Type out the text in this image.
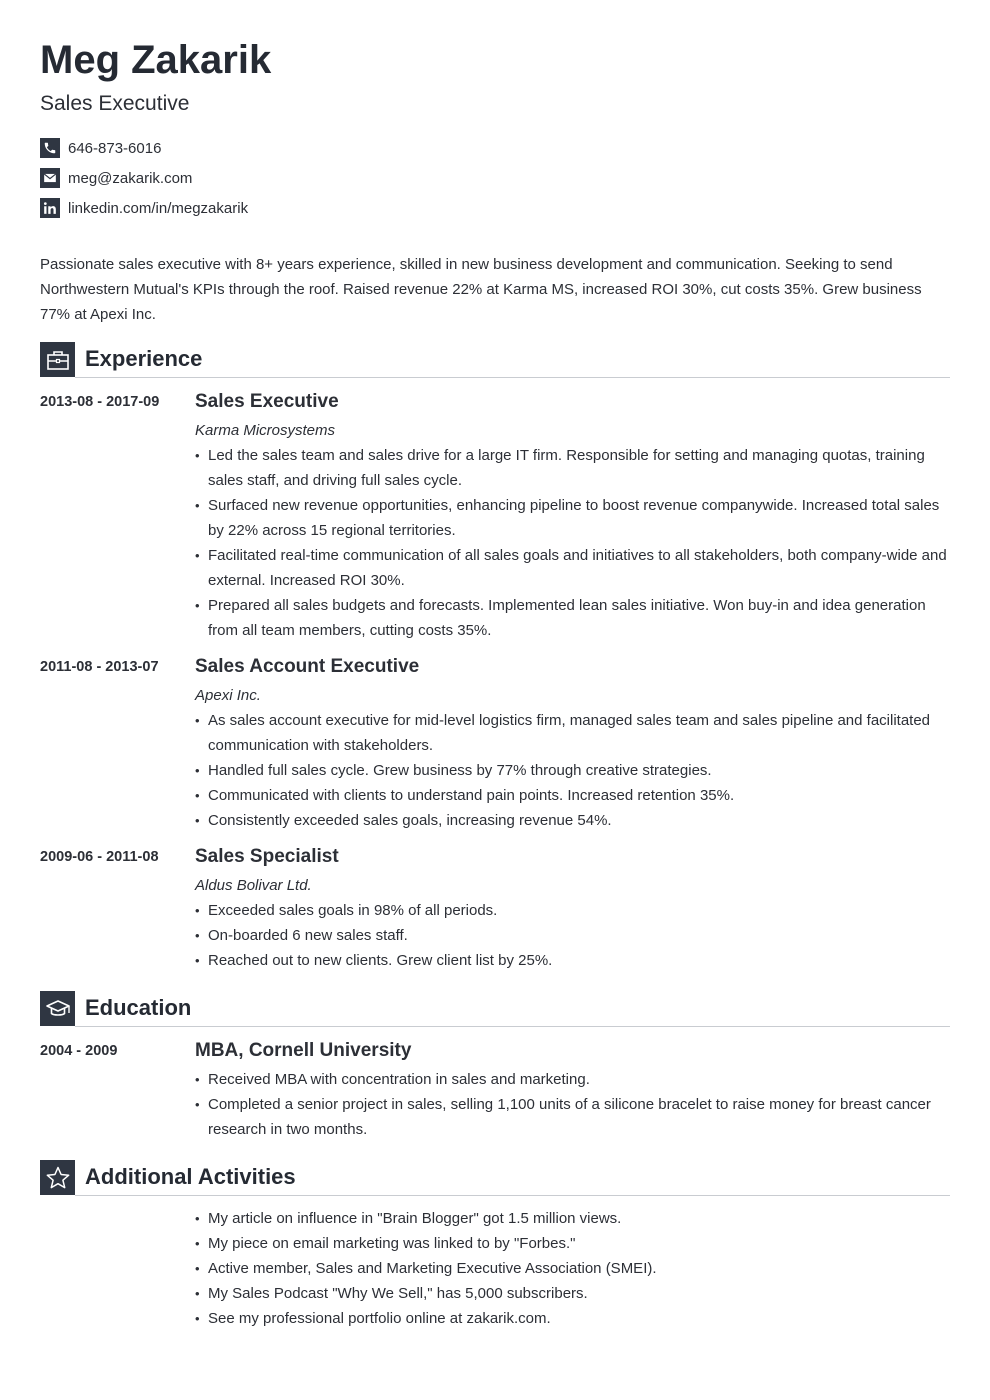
Meg Zakarik
Sales Executive
646-873-6016
meg@zakarik.com
linkedin.com/in/megzakarik

Passionate sales executive with 8+ years experience, skilled in new business development and communication. Seeking to send Northwestern Mutual's KPIs through the roof. Raised revenue 22% at Karma MS, increased ROI 30%, cut costs 35%. Grew business 77% at Apexi Inc.

Experience
2013-08 - 2017-09 Sales Executive

Karma Microsystems

• Led the sales team and sales drive for a large IT firm. Responsible for setting and managing quotas, training sales staff, and driving full sales cycle.
• Surfaced new revenue opportunities, enhancing pipeline to boost revenue companywide. Increased total sales by 22% across 15 regional territories.
• Facilitated real-time communication of all sales goals and initiatives to all stakeholders, both company-wide and external. Increased ROI 30%.
• Prepared all sales budgets and forecasts. Implemented lean sales initiative. Won buy-in and idea generation from all team members, cutting costs 35%.
2011-08 - 2013-07 Sales Account Executive

Apexi Inc.

• As sales account executive for mid-level logistics firm, managed sales team and sales pipeline and facilitated communication with stakeholders.
• Handled full sales cycle. Grew business by 77% through creative strategies.
• Communicated with clients to understand pain points. Increased retention 35%.
• Consistently exceeded sales goals, increasing revenue 54%.
2009-06 - 2011-08 Sales Specialist

Aldus Bolivar Ltd.

• Exceeded sales goals in 98% of all periods.
• On-boarded 6 new sales staff.
• Reached out to new clients. Grew client list by 25%.
Education
2004 - 2009	MBA, Cornell University
• Received MBA with concentration in sales and marketing.
• Completed a senior project in sales, selling 1,100 units of a silicone bracelet to raise money for breast cancer research in two months.
Additional Activities
• My article on influence in "Brain Blogger" got 1.5 million views.
• My piece on email marketing was linked to by "Forbes."
• Active member, Sales and Marketing Executive Association (SMEI).
• My Sales Podcast "Why We Sell," has 5,000 subscribers.
• See my professional portfolio online at zakarik.com.
